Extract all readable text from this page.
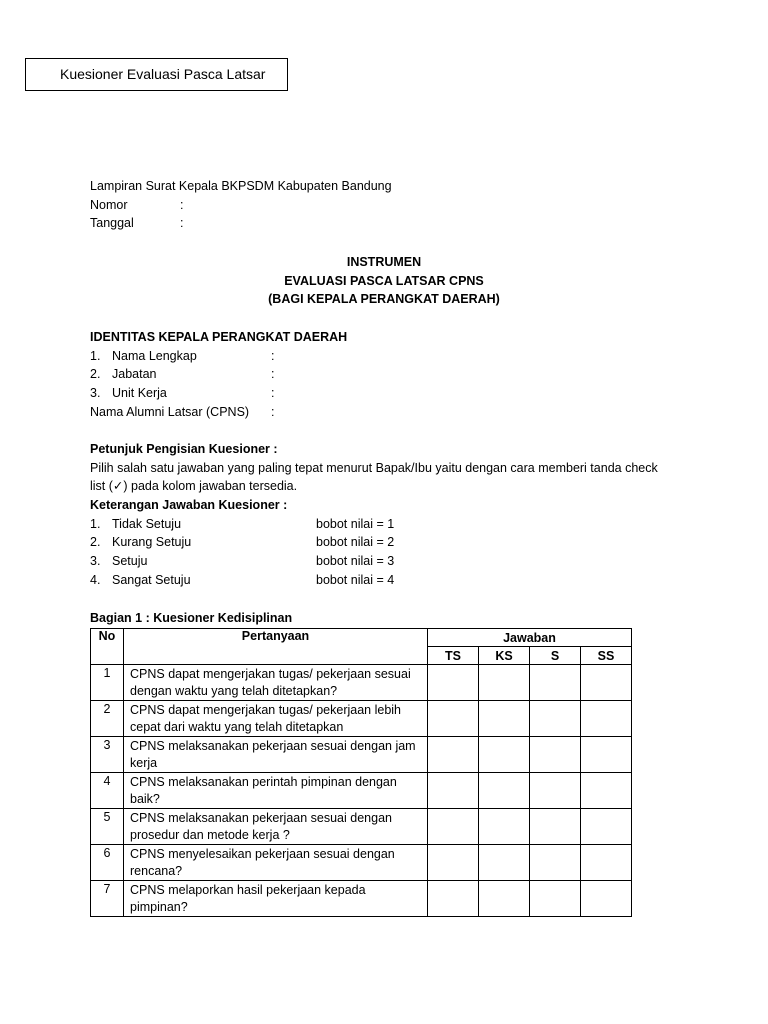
Kuesioner Evaluasi Pasca Latsar
Lampiran Surat Kepala BKPSDM Kabupaten Bandung
Nomor	:
Tanggal	:
INSTRUMEN
EVALUASI PASCA LATSAR CPNS
(BAGI KEPALA PERANGKAT DAERAH)
IDENTITAS KEPALA PERANGKAT DAERAH
1. Nama Lengkap	:
2. Jabatan	:
3. Unit Kerja	:
Nama Alumni Latsar (CPNS) :
Petunjuk Pengisian Kuesioner :
Pilih salah satu jawaban yang paling tepat menurut Bapak/Ibu yaitu dengan cara memberi tanda check
list (✓) pada kolom jawaban tersedia.
Keterangan Jawaban Kuesioner :
1. Tidak Setuju	bobot nilai = 1
2. Kurang Setuju	bobot nilai = 2
3. Setuju	bobot nilai = 3
4. Sangat Setuju	bobot nilai = 4
Bagian 1 : Kuesioner Kedisiplinan
No	Pertanyaan	Jawaban			
		TS	KS	S	SS
1	CPNS dapat mengerjakan tugas/ pekerjaan sesuai
dengan waktu yang telah ditetapkan?				

2	CPNS dapat mengerjakan tugas/ pekerjaan lebih
cepat dari waktu yang telah ditetapkan				

3	CPNS melaksanakan pekerjaan sesuai dengan jam
kerja				

4	CPNS melaksanakan perintah pimpinan dengan
baik?				

5	CPNS melaksanakan pekerjaan sesuai dengan
prosedur dan metode kerja ?				

6	CPNS menyelesaikan pekerjaan sesuai dengan
rencana?				

7	CPNS melaporkan hasil pekerjaan kepada
pimpinan?				
